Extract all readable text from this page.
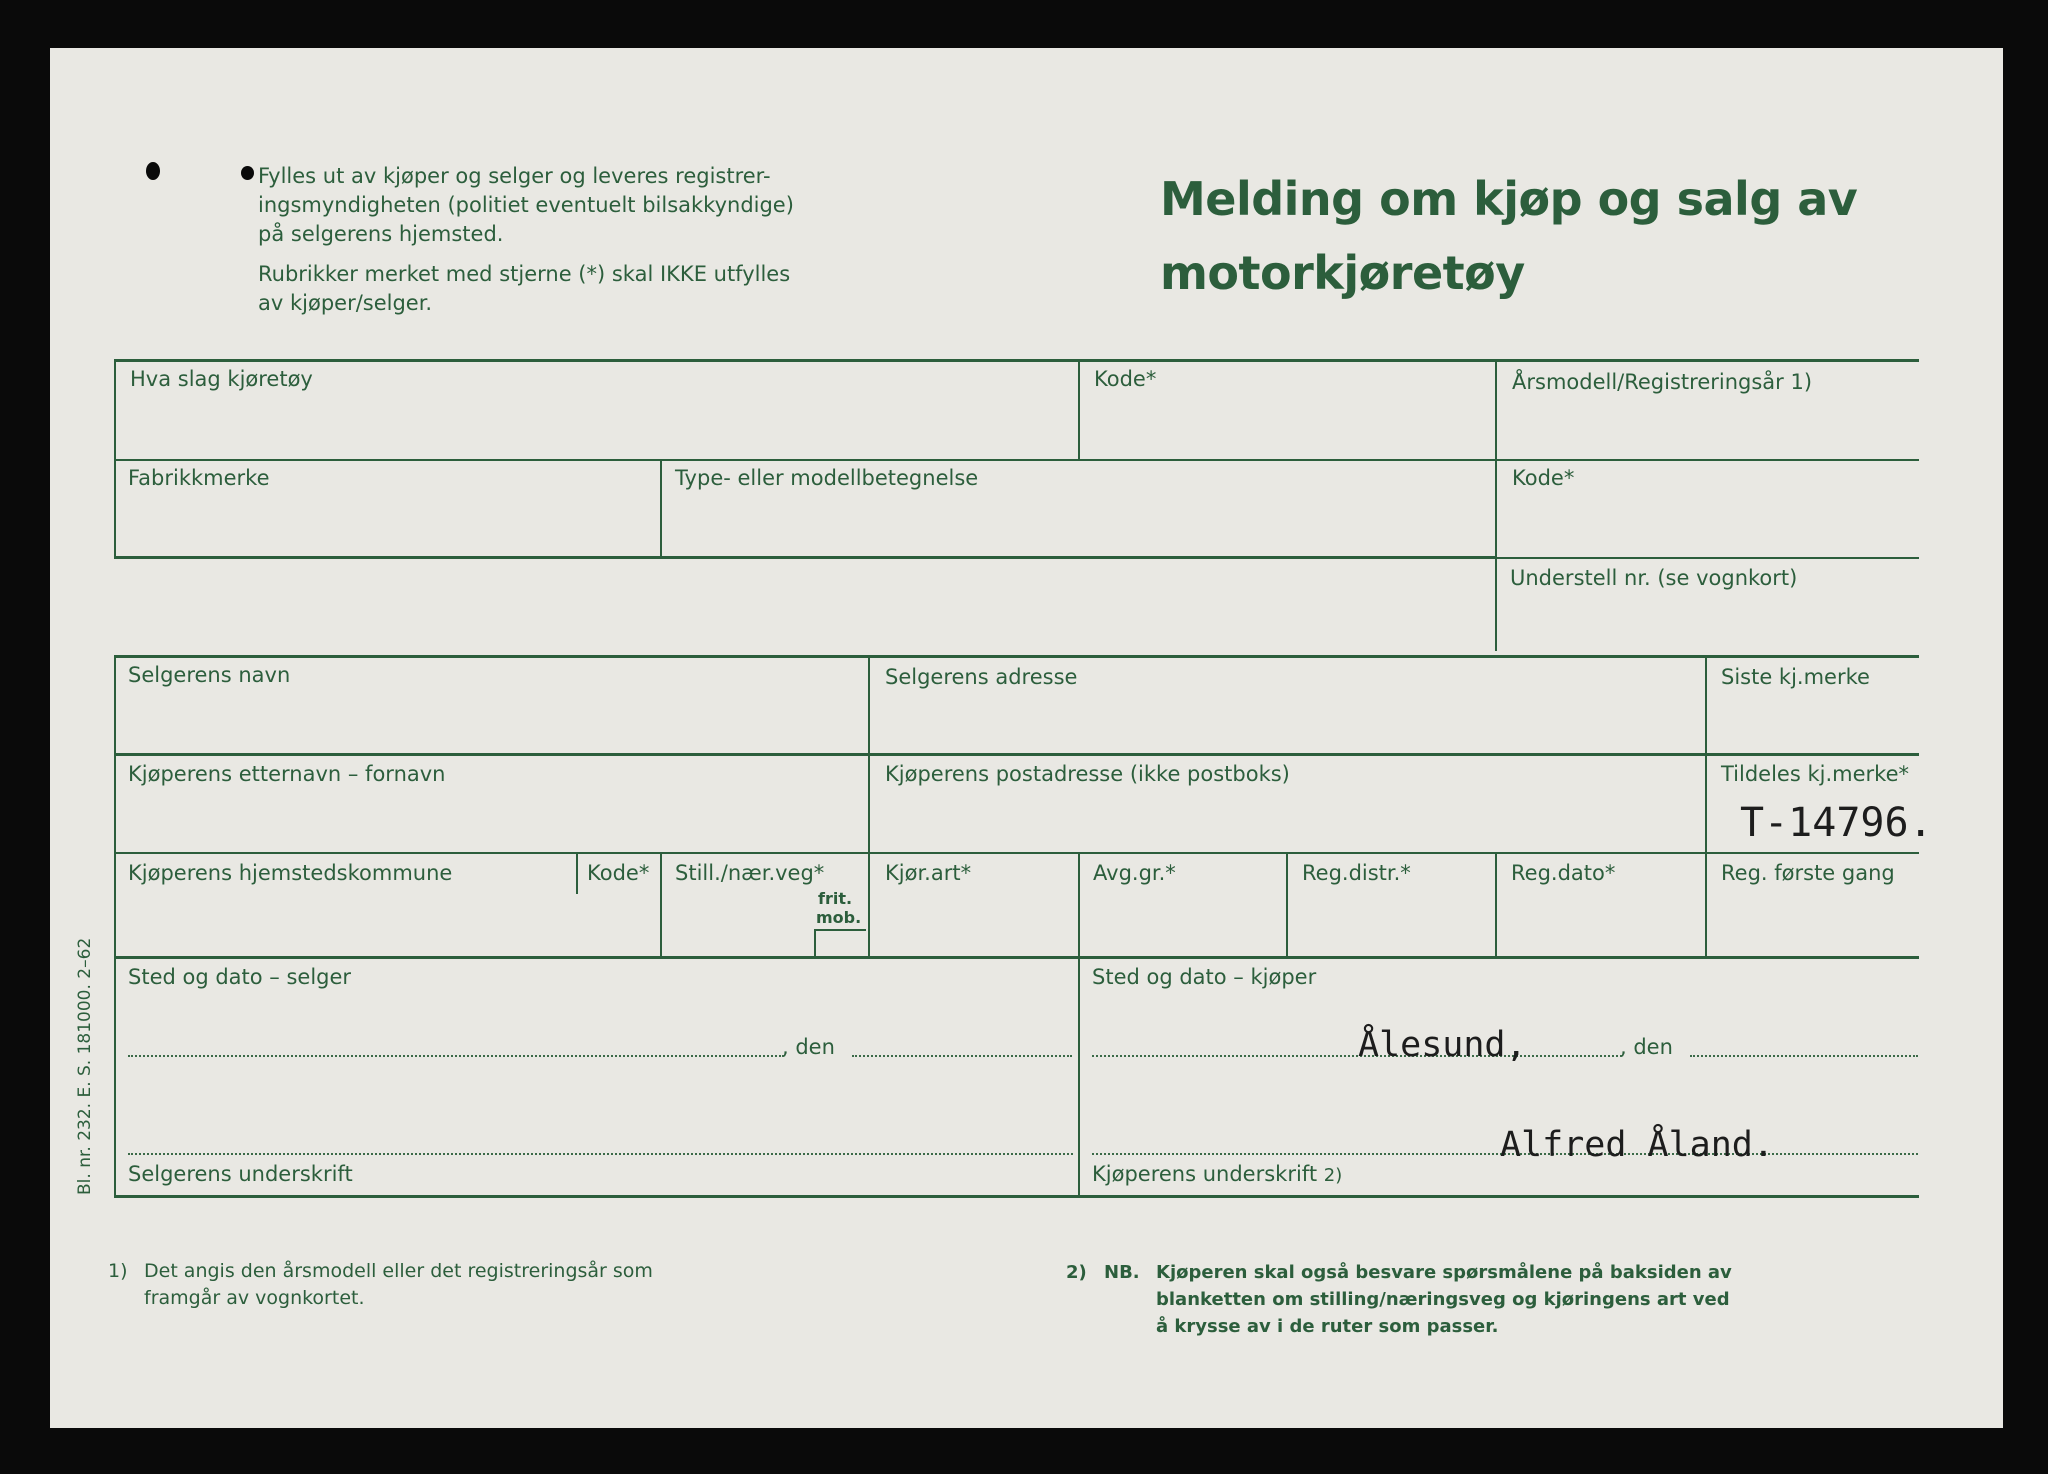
Fylles ut av kjøper og selger og leveres registrer-
ingsmyndigheten (politiet eventuelt bilsakkyndige)
på selgerens hjemsted.
Rubrikker merket med stjerne (*) skal IKKE utfylles
av kjøper/selger.
Melding om kjøp og salg av
motorkjøretøy
Hva slag kjøretøy	Kode*	Årsmodell/Registreringsår 1)
Fabrikkmerke	Type- eller modellbetegnelse	Kode*
Understell nr. (se vognkort)
Selgerens navn	Selgerens adresse	Siste kj.merke
Kjøperens etternavn – fornavn	Kjøperens postadresse (ikke postboks)	Tildeles kj.merke*
T-14796.
Kjøperens hjemstedskommune	Kode* Still./nær.veg*
frit.
mob.
Kjør.art*	Avg.gr.*	Reg.distr.*	Reg.dato*	Reg. første gang
Sted og dato – selger
, den
Selgerens underskrift
Sted og dato – kjøper
Ålesund,	, den
Alfred Åland.
Kjøperens underskrift 2)
Bl. nr. 232. E. S. 181000. 2–62
1) Det angis den årsmodell eller det registreringsår som
framgår av vognkortet.
2) NB. Kjøperen skal også besvare spørsmålene på baksiden av
blanketten om stilling/næringsveg og kjøringens art ved
å krysse av i de ruter som passer.
